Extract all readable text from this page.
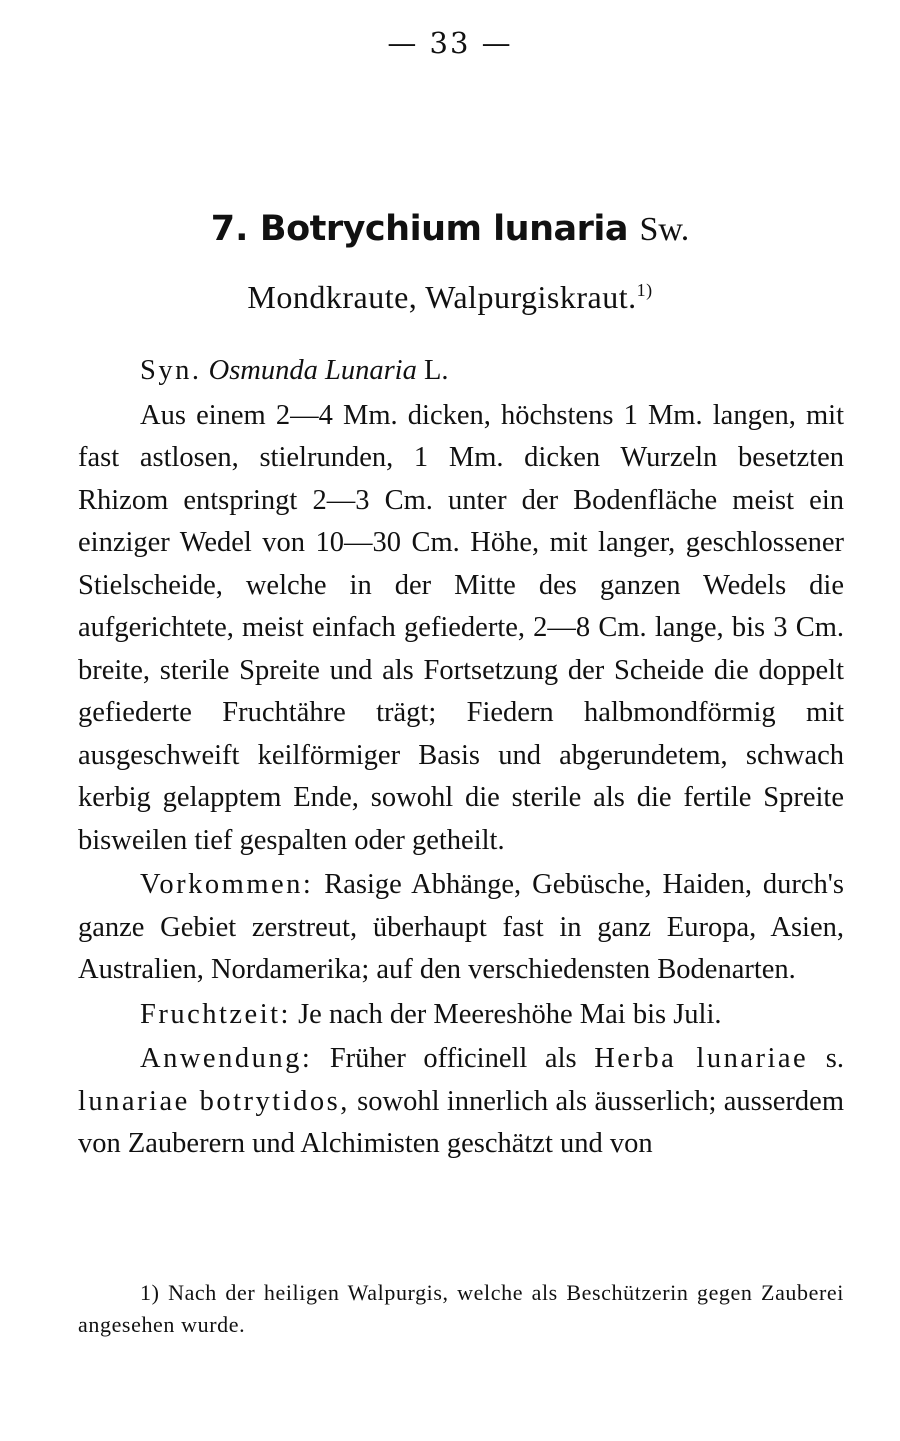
— 33 —
7. Botrychium lunaria Sw.
Mondkraute, Walpurgiskraut.$^{1)}$

Syn. Osmunda Lunaria L.

Aus einem 2—4 Mm. dicken, höchstens 1 Mm. langen, mit fast astlosen, stielrunden, 1 Mm. dicken Wurzeln besetzten Rhizom entspringt 2—3 Cm. unter der Bodenfläche meist ein einziger Wedel von 10—30 Cm. Höhe, mit langer, geschlossener Stielscheide, welche in der Mitte des ganzen Wedels die aufgerichtete, meist einfach gefiederte, 2—8 Cm. lange, bis 3 Cm. breite, sterile Spreite und als Fortsetzung der Scheide die doppelt gefiederte Fruchtähre trägt; Fiedern halbmondförmig mit ausgeschweift keilförmiger Basis und abgerundetem, schwach kerbig gelapptem Ende, sowohl die sterile als die fertile Spreite bisweilen tief gespalten oder getheilt.

Vorkommen: Rasige Abhänge, Gebüsche, Haiden, durch's ganze Gebiet zerstreut, überhaupt fast in ganz Europa, Asien, Australien, Nordamerika; auf den verschiedensten Bodenarten.

Fruchtzeit: Je nach der Meereshöhe Mai bis Juli.

Anwendung: Früher officinell als Herba lunariae s. lunariae botrytidos, sowohl innerlich als äusserlich; ausserdem von Zauberern und Alchimisten geschätzt und von

1) Nach der heiligen Walpurgis, welche als Beschützerin gegen Zauberei angesehen wurde.
